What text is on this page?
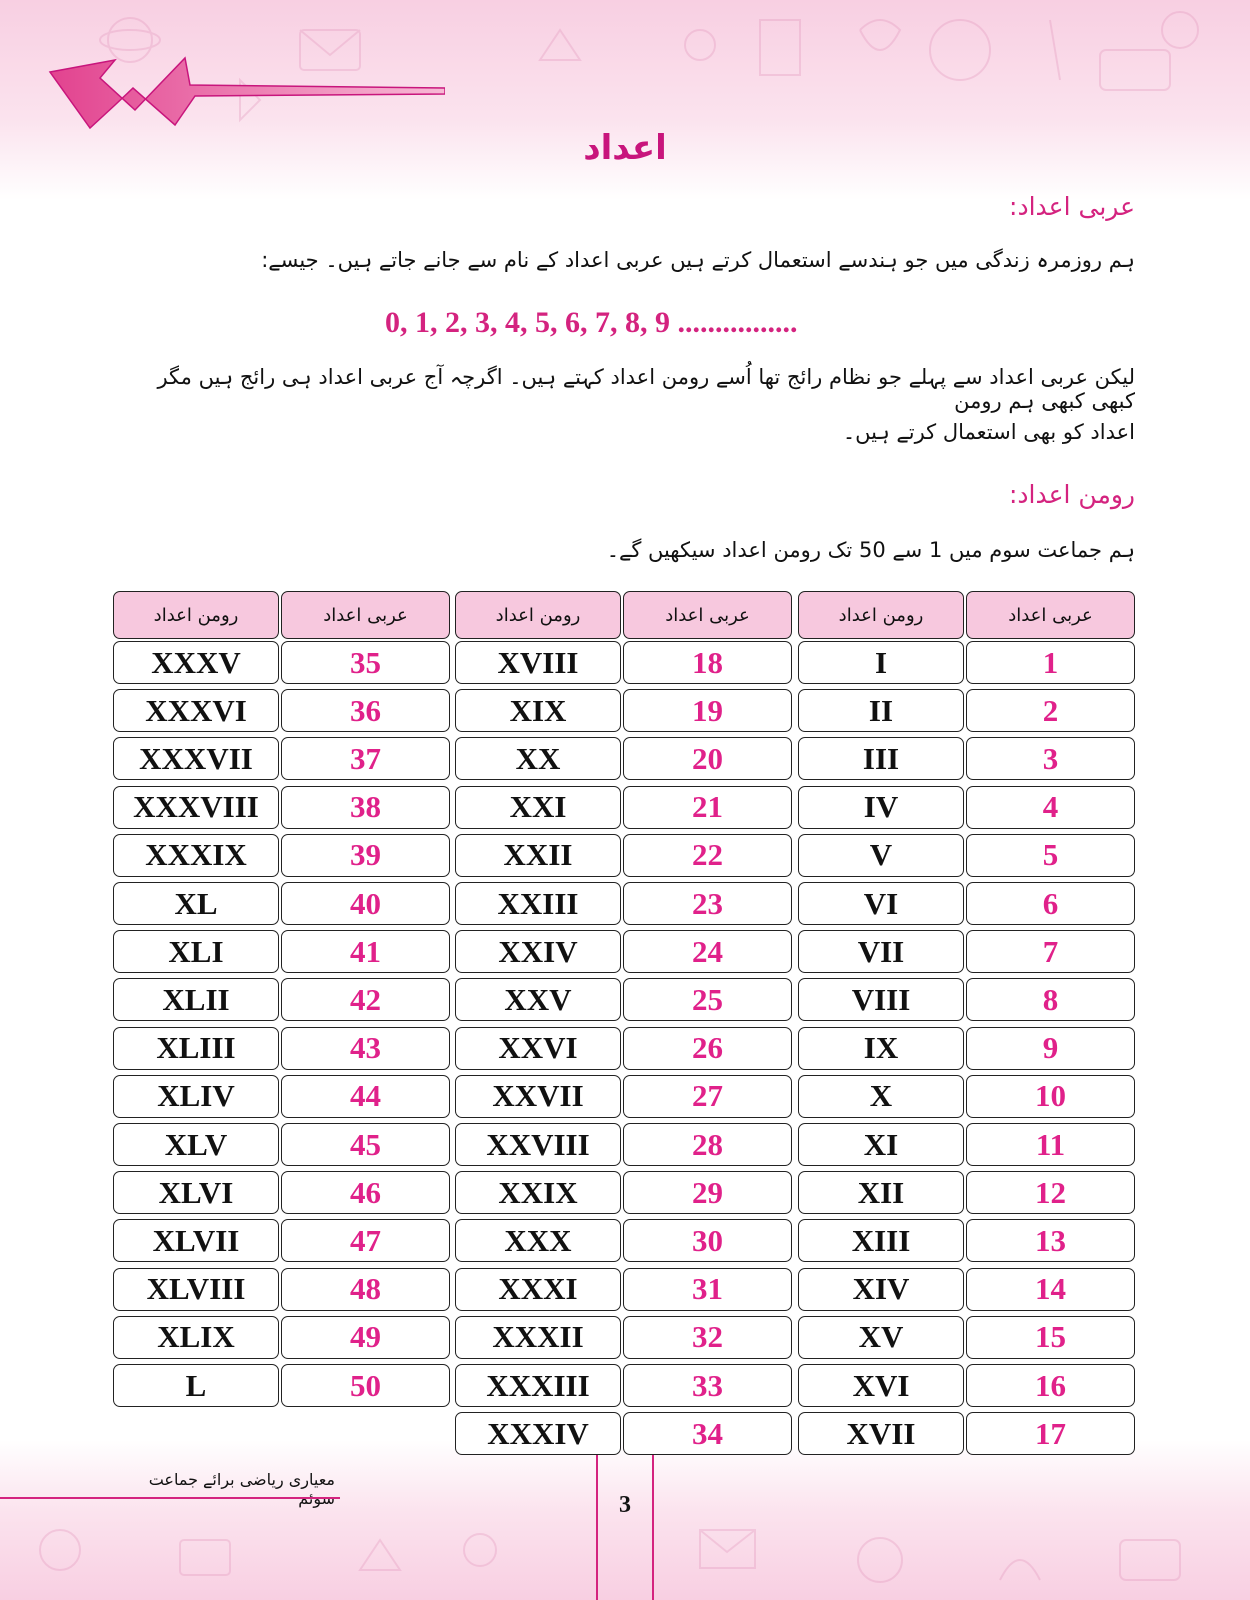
اعداد
عربی اعداد:
ہم روزمرہ زندگی میں جو ہندسے استعمال کرتے ہیں عربی اعداد کے نام سے جانے جاتے ہیں۔ جیسے:
0, 1, 2, 3, 4, 5, 6, 7, 8, 9 ................
لیکن عربی اعداد سے پہلے جو نظام رائج تھا اُسے رومن اعداد کہتے ہیں۔ اگرچہ آج عربی اعداد ہی رائج ہیں مگر کبھی کبھی ہم رومن
اعداد کو بھی استعمال کرتے ہیں۔
رومن اعداد:
ہم جماعت سوم میں 1 سے 50 تک رومن اعداد سیکھیں گے۔
عربی اعداد
رومن اعداد
عربی اعداد
رومن اعداد
عربی اعداد
رومن اعداد
1
I
2
II
3
III
4
IV
5
V
6
VI
7
VII
8
VIII
9
IX
10
X
11
XI
12
XII
13
XIII
14
XIV
15
XV
16
XVI
17
XVII
18
XVIII
19
XIX
20
XX
21
XXI
22
XXII
23
XXIII
24
XXIV
25
XXV
26
XXVI
27
XXVII
28
XXVIII
29
XXIX
30
XXX
31
XXXI
32
XXXII
33
XXXIII
34
XXXIV
35
XXXV
36
XXXVI
37
XXXVII
38
XXXVIII
39
XXXIX
40
XL
41
XLI
42
XLII
43
XLIII
44
XLIV
45
XLV
46
XLVI
47
XLVII
48
XLVIII
49
XLIX
50
L
معیاری ریاضی برائے جماعت
3
